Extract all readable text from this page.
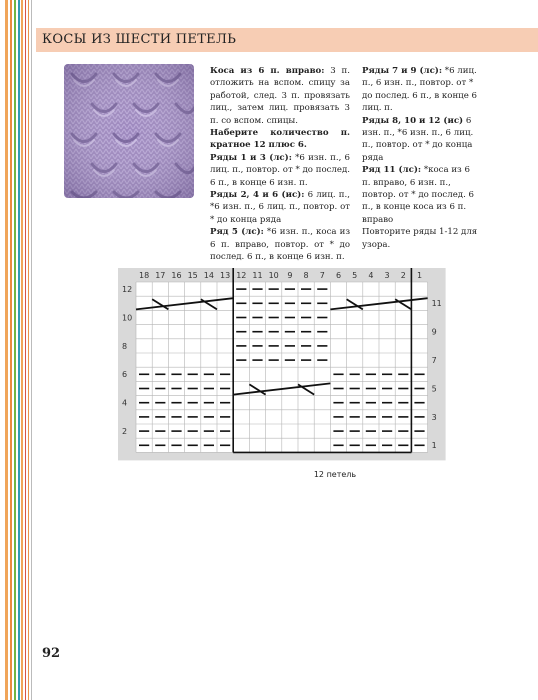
КОСЫ ИЗ ШЕСТИ ПЕТЕЛЬ

Коса из 6 п. вправо: 3 п. отложить на вспом. спицу за работой, след. 3 п. провязать лиц., затем лиц. провязать 3 п. со вспом. спицы.

Наберите количество п. кратное 12 плюс 6.

Ряды 1 и 3 (лс): *6 изн. п., 6 лиц. п., повтор. от * до послед. 6 п., в конце 6 изн. п.

Ряды 2, 4 и 6 (ис): 6 лиц. п., *6 изн. п., 6 лиц. п., повтор. от * до конца ряда

Ряд 5 (лс): *6 изн. п., коса из 6 п. вправо, повтор. от * до послед. 6 п., в конце 6 изн. п.

Ряды 7 и 9 (лс): *6 лиц. п., 6 изн. п., повтор. от * до послед. 6 п., в конце 6 лиц. п.

Ряды 8, 10 и 12 (ис) 6 изн. п., *6 изн. п., 6 лиц. п., повтор. от * до конца ряда

Ряд 11 (лс): *коса из 6 п. вправо, 6 изн. п., повтор. от * до послед. 6 п., в конце коса из 6 п. вправо

Повторите ряды 1-12 для узора.

18 17 16 15 14 13 12 11 10 9 8 7 6 5 4 3 2 1
12
10
8
6
4
2
11
9
7
5
3
1
12 петель
92
